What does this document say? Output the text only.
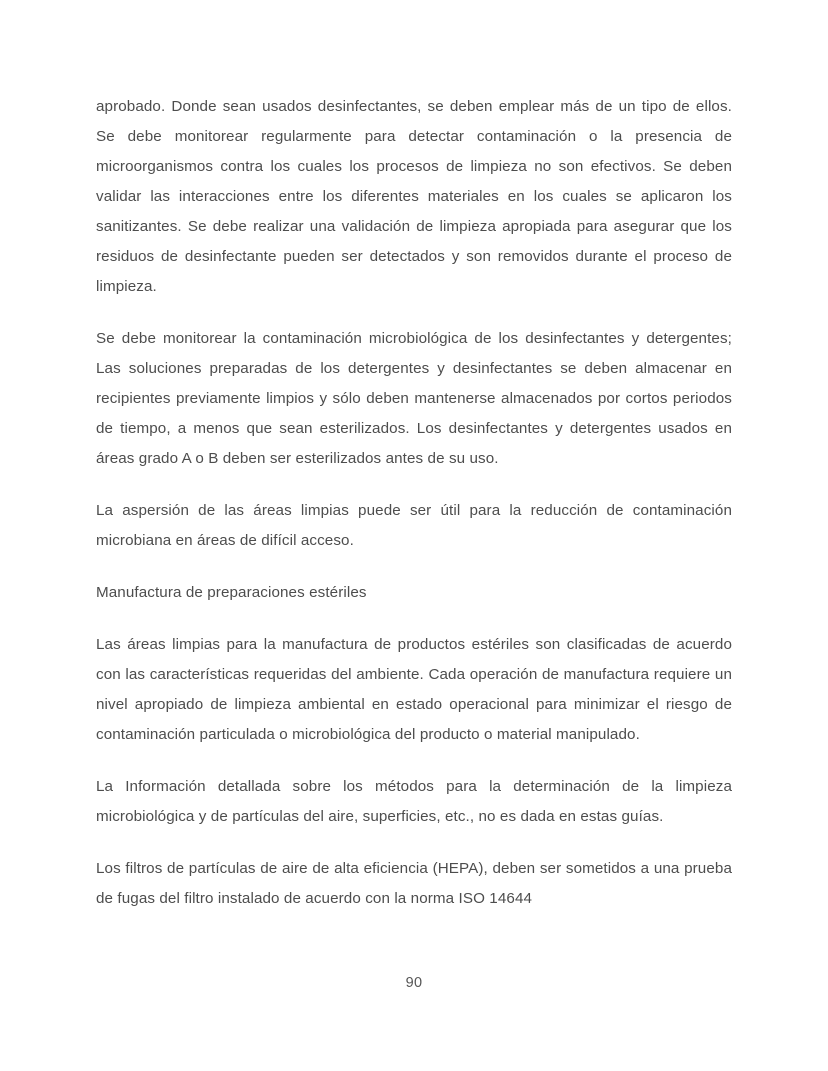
aprobado. Donde sean usados desinfectantes, se deben emplear más de un tipo de ellos. Se debe monitorear regularmente para detectar contaminación o la presencia de microorganismos contra los cuales los procesos de limpieza no son efectivos. Se deben validar las interacciones entre los diferentes materiales en los cuales se aplicaron los sanitizantes. Se debe realizar una validación de limpieza apropiada para asegurar que los residuos de desinfectante pueden ser detectados y son removidos durante el proceso de limpieza.

Se debe monitorear la contaminación microbiológica de los desinfectantes y detergentes; Las soluciones preparadas de los detergentes y desinfectantes se deben almacenar en recipientes previamente limpios y sólo deben mantenerse almacenados por cortos periodos de tiempo, a menos que sean esterilizados. Los desinfectantes y detergentes usados en áreas grado A o B deben ser esterilizados antes de su uso.

La aspersión de las áreas limpias puede ser útil para la reducción de contaminación microbiana en áreas de difícil acceso.

Manufactura de preparaciones estériles

Las áreas limpias para la manufactura de productos estériles son clasificadas de acuerdo con las características requeridas del ambiente. Cada operación de manufactura requiere un nivel apropiado de limpieza ambiental en estado operacional para minimizar el riesgo de contaminación particulada o microbiológica del producto o material manipulado.

La Información detallada sobre los métodos para la determinación de la limpieza microbiológica y de partículas del aire, superficies, etc., no es dada en estas guías.

Los filtros de partículas de aire de alta eficiencia (HEPA), deben ser sometidos a una prueba de fugas del filtro instalado de acuerdo con la norma ISO 14644

90
